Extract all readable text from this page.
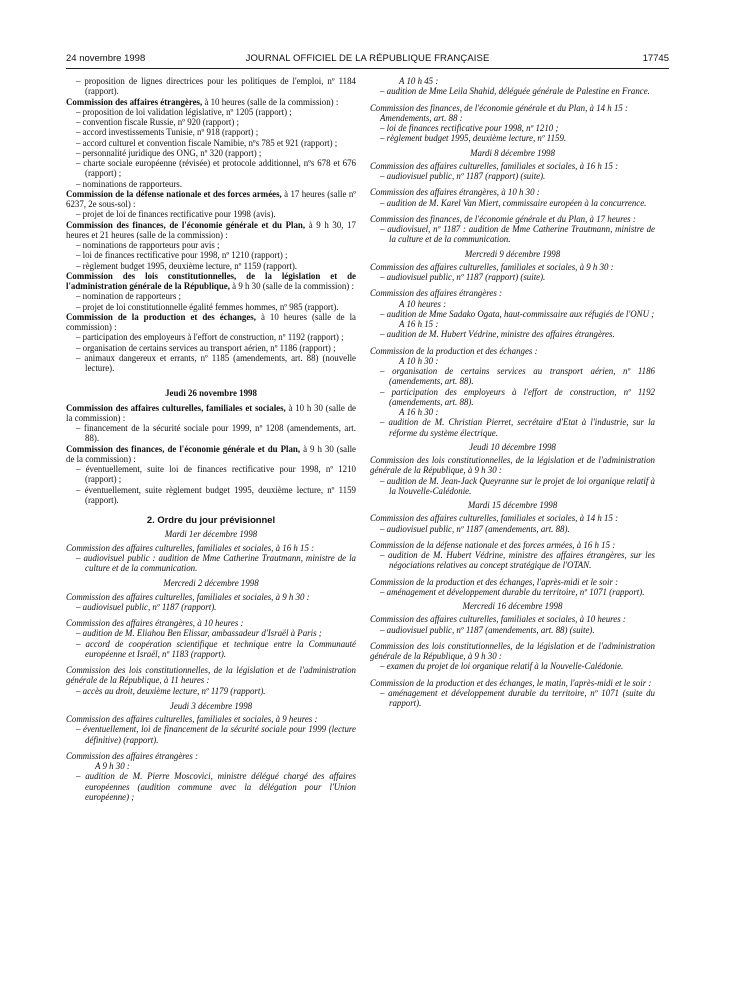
24 novembre 1998	JOURNAL OFFICIEL DE LA RÉPUBLIQUE FRANÇAISE	17745

– proposition de lignes directrices pour les politiques de l'emploi, nº 1184 (rapport).

Commission des affaires étrangères, à 10 heures (salle de la commission) :

– proposition de loi validation législative, nº 1205 (rapport) ;

– convention fiscale Russie, nº 920 (rapport) ;

– accord investissements Tunisie, nº 918 (rapport) ;

– accord culturel et convention fiscale Namibie, nºs 785 et 921 (rapport) ;

– personnalité juridique des ONG, nº 320 (rapport) ;

– charte sociale européenne (révisée) et protocole additionnel, nºs 678 et 676 (rapport) ;

– nominations de rapporteurs.

Commission de la défense nationale et des forces armées, à 17 heures (salle nº 6237, 2e sous-sol) :

– projet de loi de finances rectificative pour 1998 (avis).

Commission des finances, de l'économie générale et du Plan, à 9 h 30, 17 heures et 21 heures (salle de la commission) :

– nominations de rapporteurs pour avis ;

– loi de finances rectificative pour 1998, nº 1210 (rapport) ;

– règlement budget 1995, deuxième lecture, nº 1159 (rapport).

Commission des lois constitutionnelles, de la législation et de l'administration générale de la République, à 9 h 30 (salle de la commission) :

– nomination de rapporteurs ;

– projet de loi constitutionnelle égalité femmes hommes, nº 985 (rapport).

Commission de la production et des échanges, à 10 heures (salle de la commission) :

– participation des employeurs à l'effort de construction, nº 1192 (rapport) ;

– organisation de certains services au transport aérien, nº 1186 (rapport) ;

– animaux dangereux et errants, nº 1185 (amendements, art. 88) (nouvelle lecture).

Jeudi 26 novembre 1998

Commission des affaires culturelles, familiales et sociales, à 10 h 30 (salle de la commission) :

– financement de la sécurité sociale pour 1999, nº 1208 (amendements, art. 88).

Commission des finances, de l'économie générale et du Plan, à 9 h 30 (salle de la commission) :

– éventuellement, suite loi de finances rectificative pour 1998, nº 1210 (rapport) ;

– éventuellement, suite règlement budget 1995, deuxième lecture, nº 1159 (rapport).

2. Ordre du jour prévisionnel

Mardi 1er décembre 1998

Commission des affaires culturelles, familiales et sociales, à 16 h 15 :

– audiovisuel public : audition de Mme Catherine Trautmann, ministre de la culture et de la communication.

Mercredi 2 décembre 1998

Commission des affaires culturelles, familiales et sociales, à 9 h 30 :

– audiovisuel public, nº 1187 (rapport).

Commission des affaires étrangères, à 10 heures :

– audition de M. Eliahou Ben Elissar, ambassadeur d'Israël à Paris ;

– accord de coopération scientifique et technique entre la Communauté européenne et Israël, nº 1183 (rapport).

Commission des lois constitutionnelles, de la législation et de l'administration générale de la République, à 11 heures :

– accès au droit, deuxième lecture, nº 1179 (rapport).

Jeudi 3 décembre 1998

Commission des affaires culturelles, familiales et sociales, à 9 heures :

– éventuellement, loi de financement de la sécurité sociale pour 1999 (lecture définitive) (rapport).

Commission des affaires étrangères :

A 9 h 30 :

– audition de M. Pierre Moscovici, ministre délégué chargé des affaires européennes (audition commune avec la délégation pour l'Union européenne) ;

A 10 h 45 :

– audition de Mme Leila Shahid, déléguée générale de Palestine en France.

Commission des finances, de l'économie générale et du Plan, à 14 h 15 :

Amendements, art. 88 :

– loi de finances rectificative pour 1998, nº 1210 ;

– règlement budget 1995, deuxième lecture, nº 1159.

Mardi 8 décembre 1998

Commission des affaires culturelles, familiales et sociales, à 16 h 15 :

– audiovisuel public, nº 1187 (rapport) (suite).

Commission des affaires étrangères, à 10 h 30 :

– audition de M. Karel Van Miert, commissaire européen à la concurrence.

Commission des finances, de l'économie générale et du Plan, à 17 heures :

– audiovisuel, nº 1187 : audition de Mme Catherine Trautmann, ministre de la culture et de la communication.

Mercredi 9 décembre 1998

Commission des affaires culturelles, familiales et sociales, à 9 h 30 :

– audiovisuel public, nº 1187 (rapport) (suite).

Commission des affaires étrangères :

A 10 heures :

– audition de Mme Sadako Ogata, haut-commissaire aux réfugiés de l'ONU ;

A 16 h 15 :

– audition de M. Hubert Védrine, ministre des affaires étrangères.

Commission de la production et des échanges :

A 10 h 30 :

– organisation de certains services au transport aérien, nº 1186 (amendements, art. 88).

– participation des employeurs à l'effort de construction, nº 1192 (amendements, art. 88).

A 16 h 30 :

– audition de M. Christian Pierret, secrétaire d'Etat à l'industrie, sur la réforme du système électrique.

Jeudi 10 décembre 1998

Commission des lois constitutionnelles, de la législation et de l'administration générale de la République, à 9 h 30 :

– audition de M. Jean-Jack Queyranne sur le projet de loi organique relatif à la Nouvelle-Calédonie.

Mardi 15 décembre 1998

Commission des affaires culturelles, familiales et sociales, à 14 h 15 :

– audiovisuel public, nº 1187 (amendements, art. 88).

Commission de la défense nationale et des forces armées, à 16 h 15 :

– audition de M. Hubert Védrine, ministre des affaires étrangères, sur les négociations relatives au concept stratégique de l'OTAN.

Commission de la production et des échanges, l'après-midi et le soir :

– aménagement et développement durable du territoire, nº 1071 (rapport).

Mercredi 16 décembre 1998

Commission des affaires culturelles, familiales et sociales, à 10 heures :

– audiovisuel public, nº 1187 (amendements, art. 88) (suite).

Commission des lois constitutionnelles, de la législation et de l'administration générale de la République, à 9 h 30 :

– examen du projet de loi organique relatif à la Nouvelle-Calédonie.

Commission de la production et des échanges, le matin, l'après-midi et le soir :

– aménagement et développement durable du territoire, nº 1071 (suite du rapport).
